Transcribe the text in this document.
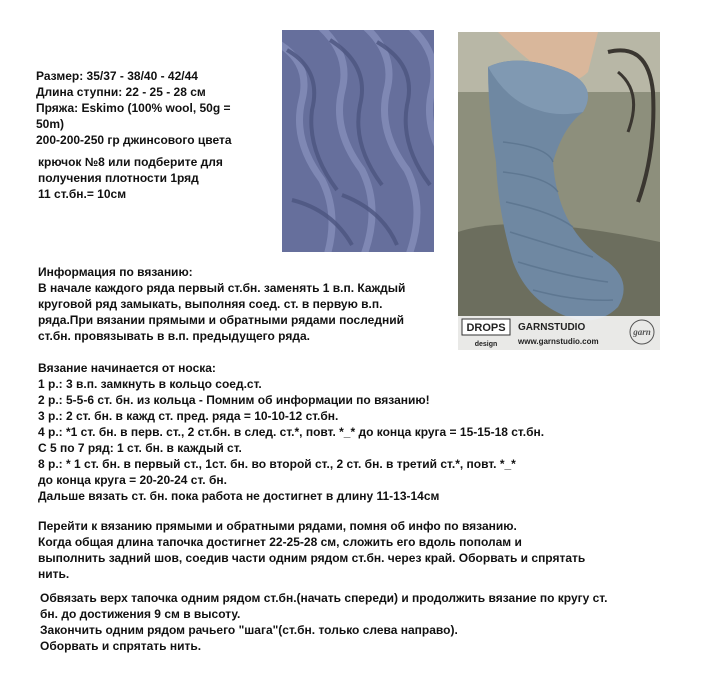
DROPS
design
GARNSTUDIO
www.garnstudio.com
garn
Размер: 35/37 - 38/40 - 42/44
Длина ступни: 22 - 25 - 28 см
Пряжа: Eskimo (100% wool, 50g =
50m)
200-200-250 гр джинсового цвета
крючок №8 или подберите для
получения плотности 1ряд
11 ст.бн.= 10см
Информация по вязанию:
В начале каждого ряда первый ст.бн. заменять 1 в.п. Каждый
круговой ряд замыкать, выполняя соед. ст. в первую в.п.
ряда.При вязании прямыми и обратными рядами последний
ст.бн. провязывать в в.п. предыдущего ряда.
Вязание начинается от носка:
1 р.: 3 в.п. замкнуть в кольцо соед.ст.
2 р.: 5-5-6 ст. бн. из кольца - Помним об информации по вязанию!
3 р.: 2 ст. бн. в кажд ст. пред. ряда = 10-10-12 ст.бн.
4 р.: *1 ст. бн. в перв. ст., 2 ст.бн. в след. ст.*, повт. *_* до конца круга = 15-15-18 ст.бн.
С 5 по 7 ряд: 1 ст. бн. в каждый ст.
8 р.: * 1 ст. бн. в первый ст., 1ст. бн. во второй ст., 2 ст. бн. в третий ст.*, повт. *_*
до конца круга = 20-20-24 ст. бн.
Дальше вязать ст. бн. пока работа не достигнет в длину 11-13-14см
Перейти к вязанию прямыми и обратными рядами, помня об инфо по вязанию.
Когда общая длина тапочка достигнет 22-25-28 см, сложить его вдоль пополам и
выполнить задний шов, соедив части одним рядом ст.бн. через край. Оборвать и спрятать
нить.
Обвязать верх тапочка одним рядом ст.бн.(начать спереди) и продолжить вязание по кругу ст.
бн. до достижения 9 см в высоту.
Закончить одним рядом рачьего "шага"(ст.бн. только слева направо).
Оборвать и спрятать нить.
